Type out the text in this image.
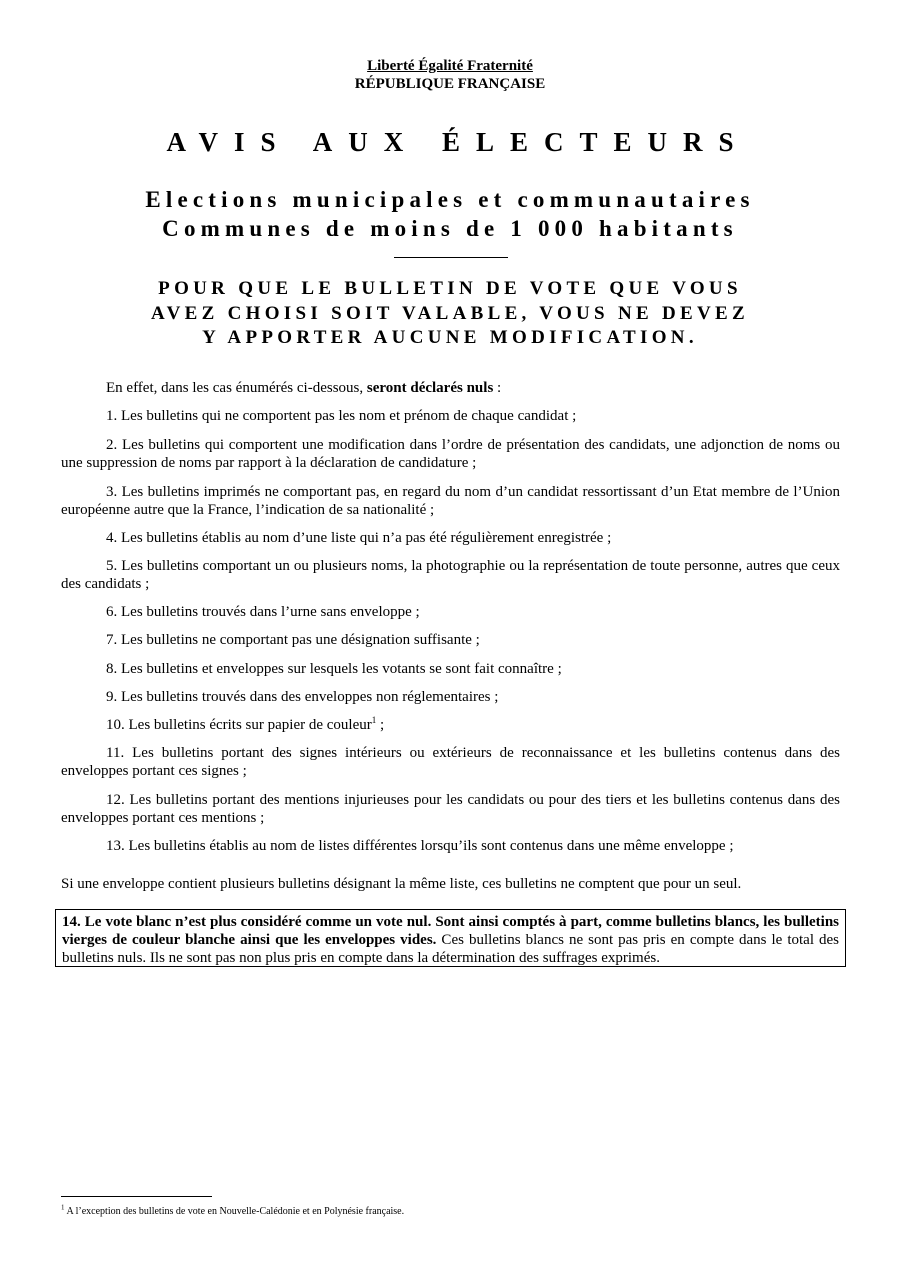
Liberté Égalité Fraternité
RÉPUBLIQUE FRANÇAISE
AVIS AUX ÉLECTEURS
Elections municipales et communautaires
Communes de moins de 1 000 habitants
POUR QUE LE BULLETIN DE VOTE QUE VOUS
AVEZ CHOISI SOIT VALABLE, VOUS NE DEVEZ
Y APPORTER AUCUNE MODIFICATION.

En effet, dans les cas énumérés ci-dessous, seront déclarés nuls :

1. Les bulletins qui ne comportent pas les nom et prénom de chaque candidat ;

2. Les bulletins qui comportent une modification dans l’ordre de présentation des candidats, une adjonction de noms ou une suppression de noms par rapport à la déclaration de candidature ;

3. Les bulletins imprimés ne comportant pas, en regard du nom d’un candidat ressortissant d’un Etat membre de l’Union européenne autre que la France, l’indication de sa nationalité ;

4. Les bulletins établis au nom d’une liste qui n’a pas été régulièrement enregistrée ;

5. Les bulletins comportant un ou plusieurs noms, la photographie ou la représentation de toute personne, autres que ceux des candidats ;

6. Les bulletins trouvés dans l’urne sans enveloppe ;

7. Les bulletins ne comportant pas une désignation suffisante ;

8. Les bulletins et enveloppes sur lesquels les votants se sont fait connaître ;

9. Les bulletins trouvés dans des enveloppes non réglementaires ;

10. Les bulletins écrits sur papier de couleur$^1$ ;

11. Les bulletins portant des signes intérieurs ou extérieurs de reconnaissance et les bulletins contenus dans des enveloppes portant ces signes ;

12. Les bulletins portant des mentions injurieuses pour les candidats ou pour des tiers et les bulletins contenus dans des enveloppes portant ces mentions ;

13. Les bulletins établis au nom de listes différentes lorsqu’ils sont contenus dans une même enveloppe ;

Si une enveloppe contient plusieurs bulletins désignant la même liste, ces bulletins ne comptent que pour un seul.

14. Le vote blanc n’est plus considéré comme un vote nul. Sont ainsi comptés à part, comme bulletins blancs, les bulletins vierges de couleur blanche ainsi que les enveloppes vides. Ces bulletins blancs ne sont pas pris en compte dans le total des bulletins nuls. Ils ne sont pas non plus pris en compte dans la détermination des suffrages exprimés.
$^1$ A l’exception des bulletins de vote en Nouvelle-Calédonie et en Polynésie française.
